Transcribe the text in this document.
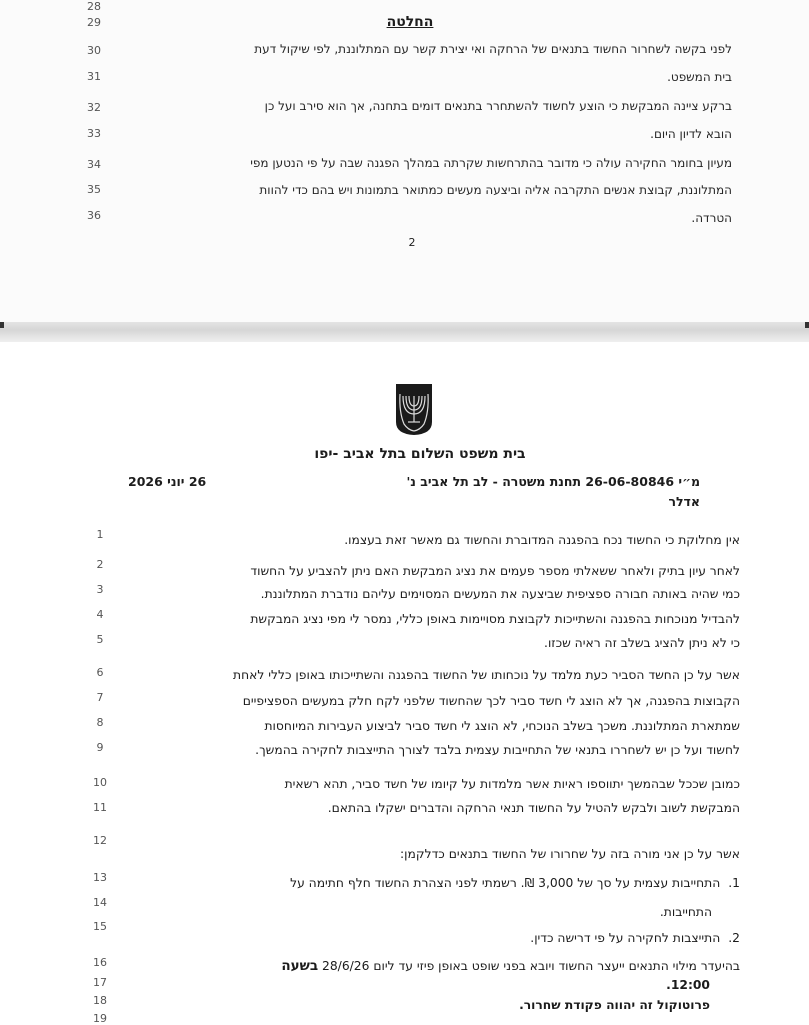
28
29	החלטה
30	לפני בקשה לשחרור החשוד בתנאים של הרחקה ואי יצירת קשר עם המתלוננת, לפי שיקול דעת
31	בית המשפט.
32	ברקע ציינה המבקשת כי הוצע לחשוד להשתחרר בתנאים דומים בתחנה, אך הוא סירב ועל כן
33	הובא לדיון היום.
34	מעיון בחומר החקירה עולה כי מדובר בהתרחשות שקרתה במהלך הפגנה שבה על פי הנטען מפי
35	המתלוננת, קבוצת אנשים התקרבה אליה וביצעה מעשים כמתואר בתמונות ויש בהם כדי להוות
36	הטרדה.
2
בית משפט השלום בתל אביב -יפו
מ״י 26-06-80846 תחנת משטרה - לב תל אביב נ'
אדלר
26 יוני 2026
1	אין מחלוקת כי החשוד נכח בהפגנה המדוברת והחשוד גם מאשר זאת בעצמו.
2	לאחר עיון בתיק ולאחר ששאלתי מספר פעמים את נציג המבקשת האם ניתן להצביע על החשוד
3	כמי שהיה באותה חבורה ספציפית שביצעה את המעשים המסוימים עליהם נודברת המתלוננת.
4	להבדיל מנוכחות בהפגנה והשתייכות לקבוצת מסויימות באופן כללי, נמסר לי מפי נציג המבקשת
5	כי לא ניתן להציג בשלב זה ראיה שכזו.
6	אשר על כן החשד הסביר כעת מלמד על נוכחותו של החשוד בהפגנה והשתייכותו באופן כללי לאחת
7	הקבוצות בהפגנה, אך לא הוצג לי חשד סביר לכך שהחשוד שלפני לקח חלק במעשים הספציפיים
8	שמתארת המתלוננת. משכך בשלב הנוכחי, לא הוצג לי חשד סביר לביצוע העבירות המיוחסות
9	לחשוד ועל כן יש לשחררו בתנאי של התחייבות עצמית בלבד לצורך התייצבות לחקירה בהמשך.
10	כמובן שככל שבהמשך יתווספו ראיות אשר מלמדות על קיומו של חשד סביר, תהא רשאית
11	המבקשת לשוב ולבקש להטיל על החשוד תנאי הרחקה והדברים ישקלו בהתאם.
12
אשר על כן אני מורה בזה על שחרורו של החשוד בתנאים כדלקמן:
13	1.התחייבות עצמית על סך של 3,000 ₪. רשמתי לפני הצהרת החשוד חלף חתימה על
14
התחייבות.
15
2.התייצבות לחקירה על פי דרישה כדין.
16	בהיעדר מילוי התנאים ייעצר החשוד ויובא בפני שופט באופן פיזי עד ליום 28/6/26 בשעה
17	12:00.
18	פרוטוקול זה יהווה פקודת שחרור.
19
